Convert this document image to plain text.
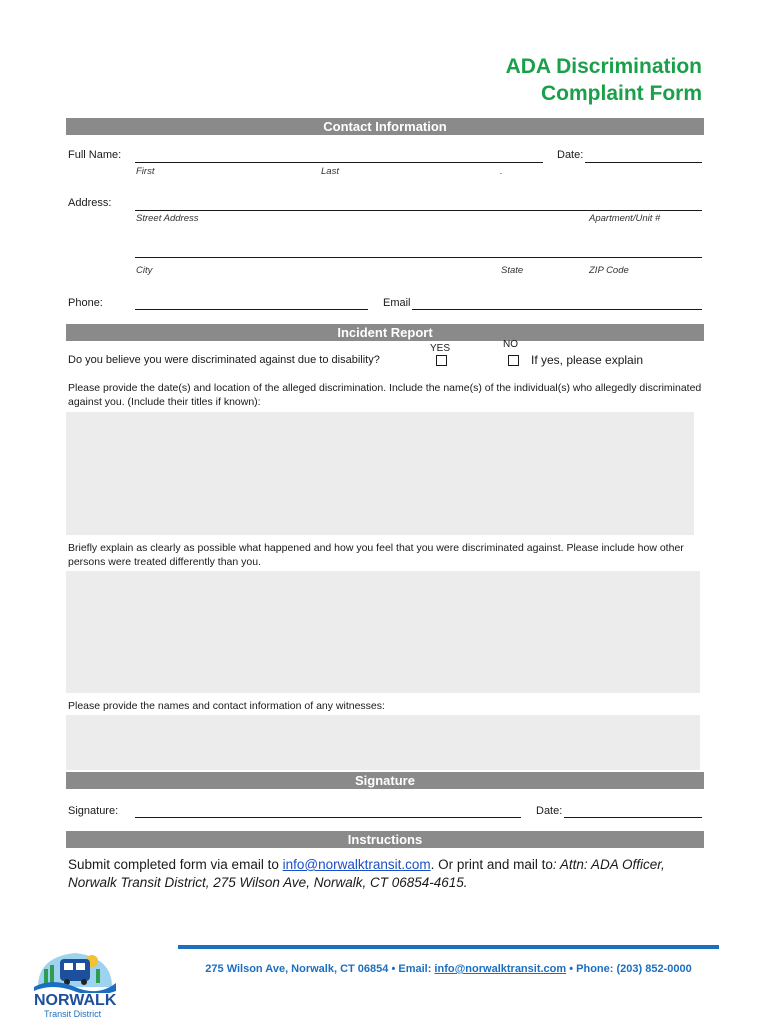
ADA Discrimination
Complaint Form
Contact Information
Full Name:	Date:
First	Last	.
Address:
Street Address	Apartment/Unit #
City	State	ZIP Code
Phone:	Email
Incident Report
Do you believe you were discriminated against due to disability?
YES	NO
If yes, please explain
Please provide the date(s) and location of the alleged discrimination. Include the name(s) of the individual(s) who allegedly discriminated against you. (Include their titles if known):
Briefly explain as clearly as possible what happened and how you feel that you were discriminated against. Please include how other persons were treated differently than you.
Please provide the names and contact information of any witnesses:
Signature
Signature:	Date:
Instructions
Submit completed form via email to info@norwalktransit.com. Or print and mail to: Attn: ADA Officer, Norwalk Transit District, 275 Wilson Ave, Norwalk, CT 06854-4615.
275 Wilson Ave, Norwalk, CT 06854 • Email: info@norwalktransit.com • Phone: (203) 852-0000
NORWALK
Transit District
